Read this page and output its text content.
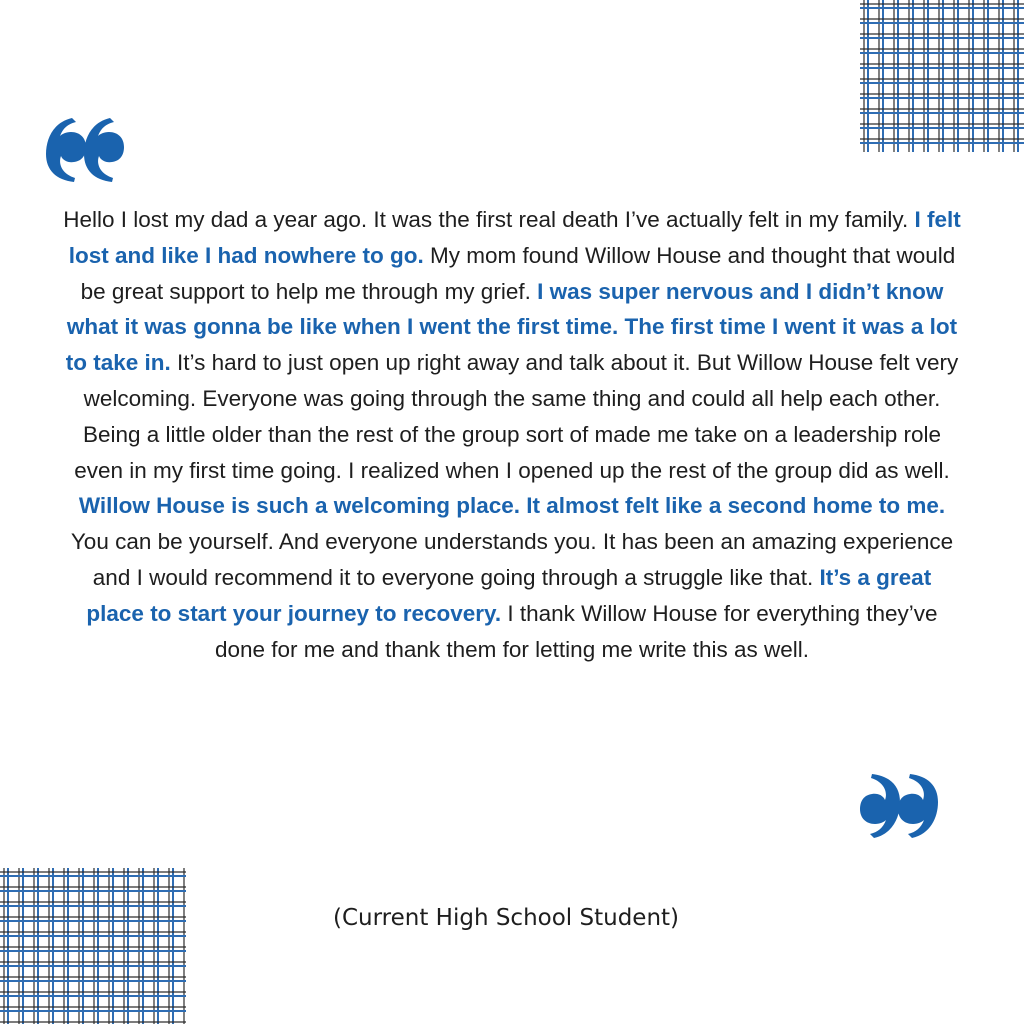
Hello I lost my dad a year ago. It was the first real death I’ve actually felt in my family. I felt lost and like I had nowhere to go. My mom found Willow House and thought that would be great support to help me through my grief. I was super nervous and I didn’t know what it was gonna be like when I went the first time. The first time I went it was a lot to take in. It’s hard to just open up right away and talk about it. But Willow House felt very welcoming. Everyone was going through the same thing and could all help each other. Being a little older than the rest of the group sort of made me take on a leadership role even in my first time going. I realized when I opened up the rest of the group did as well. Willow House is such a welcoming place. It almost felt like a second home to me. You can be yourself. And everyone understands you. It has been an amazing experience and I would recommend it to everyone going through a struggle like that. It’s a great place to start your journey to recovery. I thank Willow House for everything they’ve done for me and thank them for letting me write this as well.

(Current High School Student)
